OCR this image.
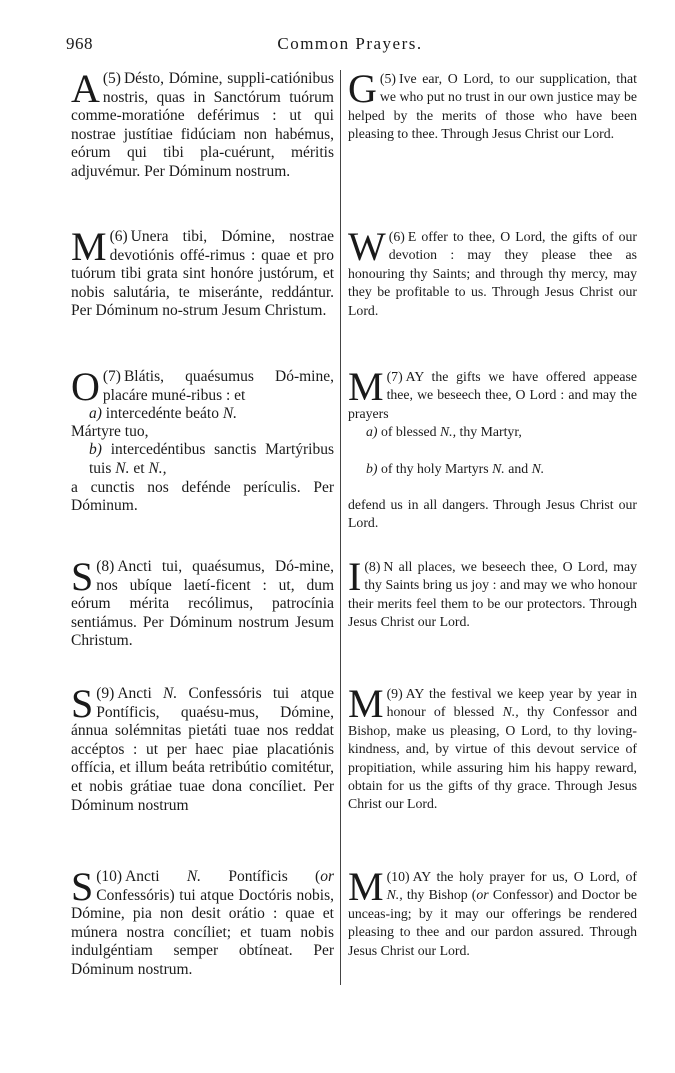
968	Common Prayers.
(5)
A Désto, Dómine, suppli-catiónibus nostris, quas in Sanctórum tuórum comme-moratióne deférimus : ut qui nostrae justítiae fidúciam non habémus, eórum qui tibi pla-cuérunt, méritis adjuvémur. Per Dóminum nostrum.
(6)
M Unera tibi, Dómine, nostrae devotiónis offé-rimus : quae et pro tuórum tibi grata sint honóre justórum, et nobis salutária, te miseránte, reddántur. Per Dóminum no-strum Jesum Christum.
(7)
O Blátis, quaésumus Dó-mine, placáre muné-ribus : et
a) intercedénte beáto N.
Mártyre tuo,
b) intercedéntibus sanctis Martýribus tuis N. et N.,
a cunctis nos defénde perículis. Per Dóminum.
(8)
S Ancti tui, quaésumus, Dó-mine, nos ubíque laetí-ficent : ut, dum eórum mérita recólimus, patrocínia sentiámus. Per Dóminum nostrum Jesum Christum.
(9)
S Ancti N. Confessóris tui atque Pontíficis, quaésu-mus, Dómine, ánnua solémnitas pietáti tuae nos reddat accéptos : ut per haec piae placatiónis offícia, et illum beáta retribútio comitétur, et nobis grátiae tuae dona concíliet. Per Dóminum nostrum
(10)
S Ancti N. Pontíficis (or Confessóris) tui atque Doctóris nobis, Dómine, pia non desit orátio : quae et múnera nostra concíliet; et tuam nobis indulgéntiam semper obtíneat. Per Dóminum nostrum.
(5)
G Ive ear, O Lord, to our supplication, that we who put no trust in our own justice may be helped by the merits of those who have been pleasing to thee. Through Jesus Christ our Lord.
(6)
W E offer to thee, O Lord, the gifts of our devotion : may they please thee as honouring thy Saints; and through thy mercy, may they be profitable to us. Through Jesus Christ our Lord.
(7)
M AY the gifts we have offered appease thee, we beseech thee, O Lord : and may the prayers
a) of blessed N., thy Martyr,
b) of thy holy Martyrs N. and N.
defend us in all dangers. Through Jesus Christ our Lord.
(8)
I N all places, we beseech thee, O Lord, may thy Saints bring us joy : and may we who honour their merits feel them to be our protectors. Through Jesus Christ our Lord.
(9)
M AY the festival we keep year by year in honour of blessed N., thy Confessor and Bishop, make us pleasing, O Lord, to thy loving-kindness, and, by virtue of this devout service of propitiation, while assuring him his happy reward, obtain for us the gifts of thy grace. Through Jesus Christ our Lord.
(10)
M AY the holy prayer for us, O Lord, of N., thy Bishop (or Confessor) and Doctor be unceas-ing; by it may our offerings be rendered pleasing to thee and our pardon assured. Through Jesus Christ our Lord.
